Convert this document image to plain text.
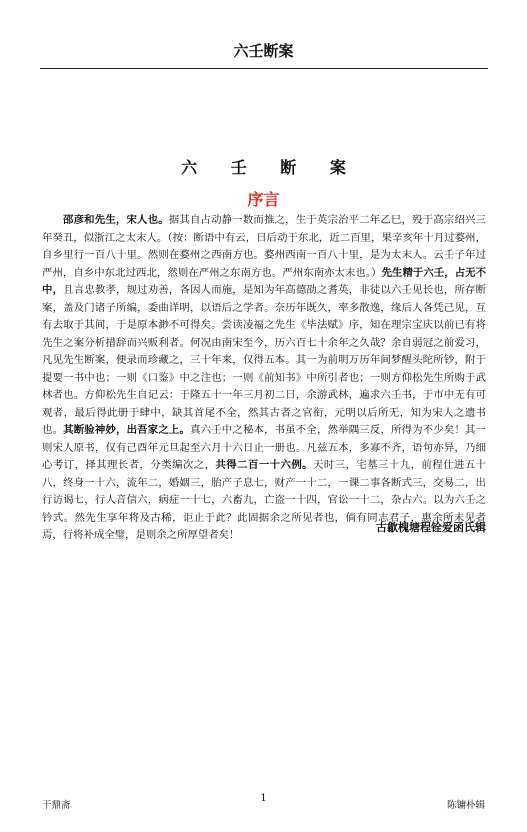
六壬断案
六 壬 断 案
序言

邵彦和先生，宋人也。据其自占动静一数而推之，生于英宗治平二年乙巳，殁于高宗绍兴三年癸丑，似浙江之太末人。（按：断语中有云，日后动于东北，近二百里，果辛亥年十月过婺州，自乡里行一百八十里。然则在婺州之西南方也。婺州西南一百八十里，是为太末人。云壬子年过严州，自乡中东北过西北，然则在严州之东南方也。严州东南亦太末也。）先生精于六壬，占无不中，且言忠教孝，规过劝善，各因人而施，是知为年高德劭之耆英，非徒以六壬见长也，所存断案，盖及门诸子所编，委曲详明，以语后之学者。奈历年既久，率多散逸，缘后人各凭己见，互有去取于其间，于是原本渺不可得矣。尝读凌福之先生《毕法赋》序，知在理宗宝庆以前已有将先生之案分析措辞而兴贩利者。何况由南宋至今，历六百七十余年之久哉？余自弱冠之前爱习，凡见先生断案，便录而珍藏之，三十年来，仅得五本。其一为前明万历年间梦醒头陀所钞，附于提要一书中也；一则《口鉴》中之注也；一则《前知书》中所引者也；一则方仰松先生所购于武林者也。方仰松先生自记云：于隆五十一年三月初二日，余游武林，遍求六壬书，于市中无有可观者，最后得此册于肆中，缺其首尾不全，然其古者之官衔，元明以后所无，知为宋人之遗书也。其断验神妙，出吾家之上。真六壬中之秘本，书虽不全，然举隅三反，所得为不少矣！其一则宋人原书，仅有己酉年元旦起至六月十六日止一册也。凡兹五本，多寡不齐，语句亦异，乃细心考订，择其理长者，分类编次之，共得二百一十六例。天时三，宅墓三十九，前程仕进五十八，终身一十六，流年二，婚姻三，胎产子息七，财产一十二，一课二事各断式三，交易二，出行访谒七，行人音信六，病症一十七，六畜九，亡盗一十四，官讼一十二，杂占六。以为六壬之钤式。然先生享年将及古稀，讵止于此？此固据余之所见者也，倘有同志君子，惠余所未见者焉，行将补成全璧，是则余之所厚望者矣！

古歙槐塘程铨爱函氏辑
干鼎斋
1
陈镛朴辑
